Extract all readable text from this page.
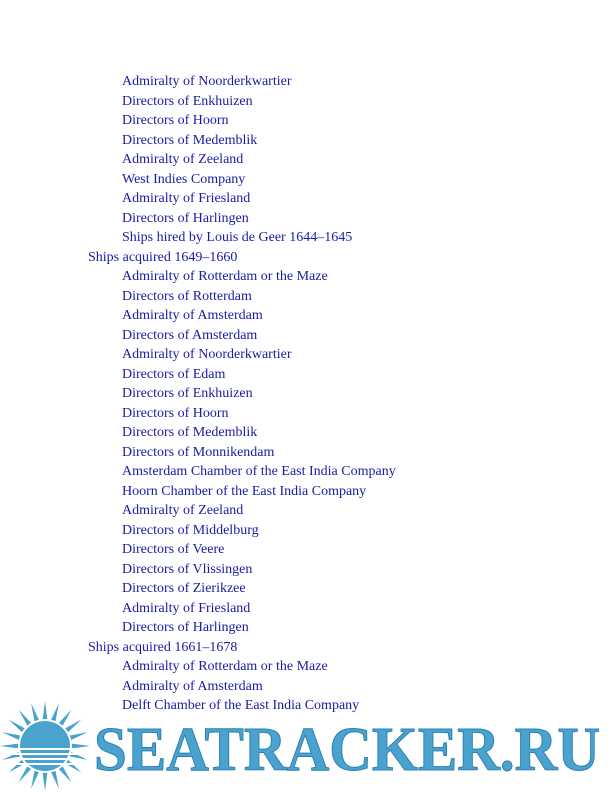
Admiralty of Noorderkwartier
Directors of Enkhuizen
Directors of Hoorn
Directors of Medemblik
Admiralty of Zeeland
West Indies Company
Admiralty of Friesland
Directors of Harlingen
Ships hired by Louis de Geer 1644–1645
Ships acquired 1649–1660
Admiralty of Rotterdam or the Maze
Directors of Rotterdam
Admiralty of Amsterdam
Directors of Amsterdam
Admiralty of Noorderkwartier
Directors of Edam
Directors of Enkhuizen
Directors of Hoorn
Directors of Medemblik
Directors of Monnikendam
Amsterdam Chamber of the East India Company
Hoorn Chamber of the East India Company
Admiralty of Zeeland
Directors of Middelburg
Directors of Veere
Directors of Vlissingen
Directors of Zierikzee
Admiralty of Friesland
Directors of Harlingen
Ships acquired 1661–1678
Admiralty of Rotterdam or the Maze
Admiralty of Amsterdam
Delft Chamber of the East India Company
SEATRACKER.RU
